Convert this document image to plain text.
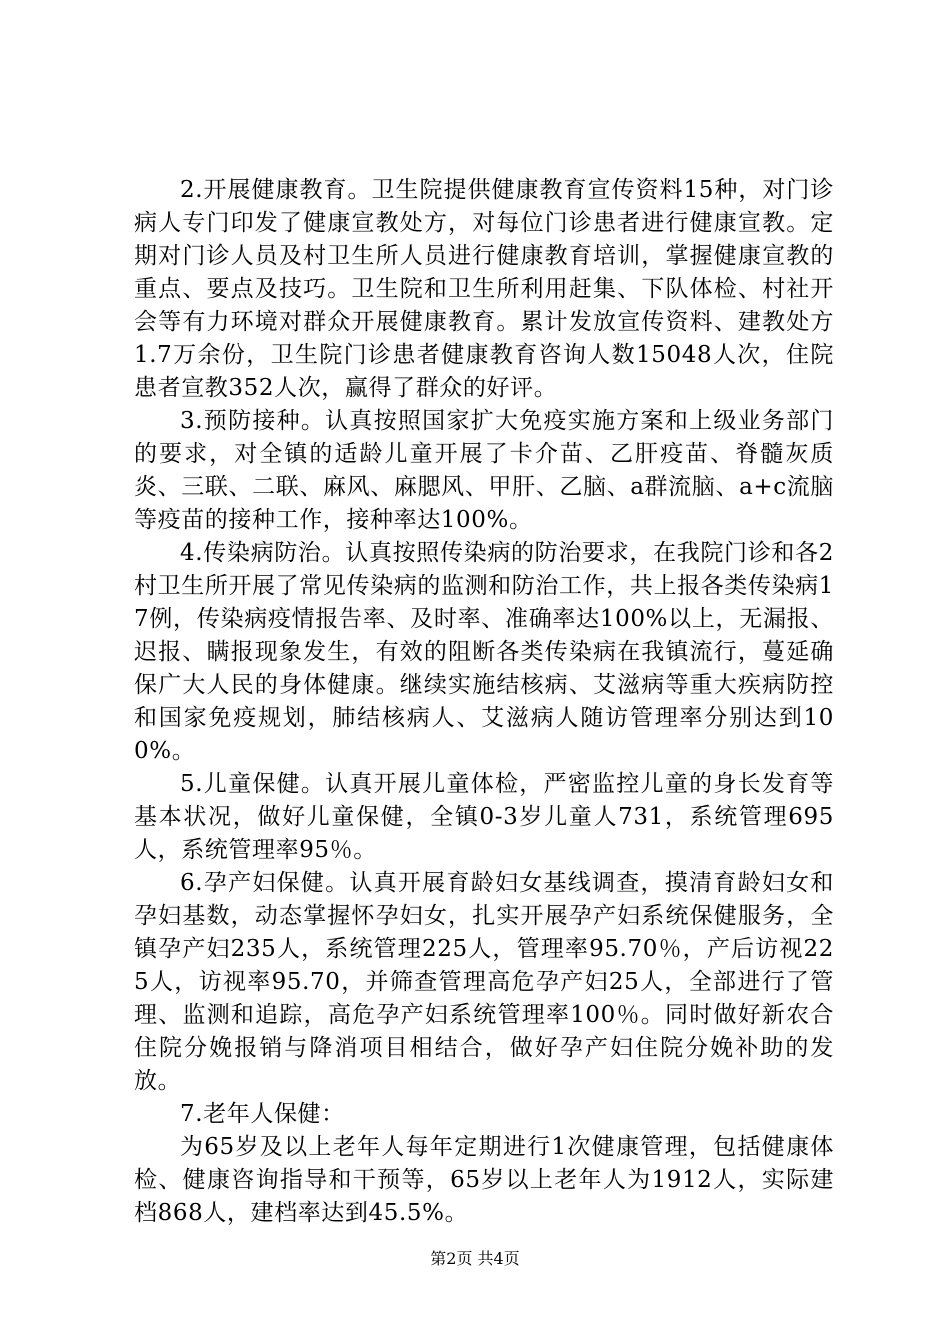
2.开展健康教育。卫生院提供健康教育宣传资料15种，对门诊病人专门印发了健康宣教处方，对每位门诊患者进行健康宣教。定期对门诊人员及村卫生所人员进行健康教育培训，掌握健康宣教的重点、要点及技巧。卫生院和卫生所利用赶集、下队体检、村社开会等有力环境对群众开展健康教育。累计发放宣传资料、建教处方1.7万余份，卫生院门诊患者健康教育咨询人数15048人次，住院患者宣教352人次，赢得了群众的好评。

3.预防接种。认真按照国家扩大免疫实施方案和上级业务部门的要求，对全镇的适龄儿童开展了卡介苗、乙肝疫苗、脊髓灰质炎、三联、二联、麻风、麻腮风、甲肝、乙脑、a群流脑、a+c流脑等疫苗的接种工作，接种率达100%。

4.传染病防治。认真按照传染病的防治要求，在我院门诊和各2村卫生所开展了常见传染病的监测和防治工作，共上报各类传染病17例，传染病疫情报告率、及时率、准确率达100%以上，无漏报、迟报、瞒报现象发生，有效的阻断各类传染病在我镇流行，蔓延确保广大人民的身体健康。继续实施结核病、艾滋病等重大疾病防控和国家免疫规划，肺结核病人、艾滋病人随访管理率分别达到100%。

5.儿童保健。认真开展儿童体检，严密监控儿童的身长发育等基本状况，做好儿童保健，全镇0-3岁儿童人731，系统管理695人，系统管理率95％。

6.孕产妇保健。认真开展育龄妇女基线调查，摸清育龄妇女和孕妇基数，动态掌握怀孕妇女，扎实开展孕产妇系统保健服务，全镇孕产妇235人，系统管理225人，管理率95.70％，产后访视225人，访视率95.70，并筛查管理高危孕产妇25人，全部进行了管理、监测和追踪，高危孕产妇系统管理率100％。同时做好新农合住院分娩报销与降消项目相结合，做好孕产妇住院分娩补助的发放。

7.老年人保健：

为65岁及以上老年人每年定期进行1次健康管理，包括健康体检、健康咨询指导和干预等，65岁以上老年人为1912人，实际建档868人，建档率达到45.5%。

第2页 共4页
